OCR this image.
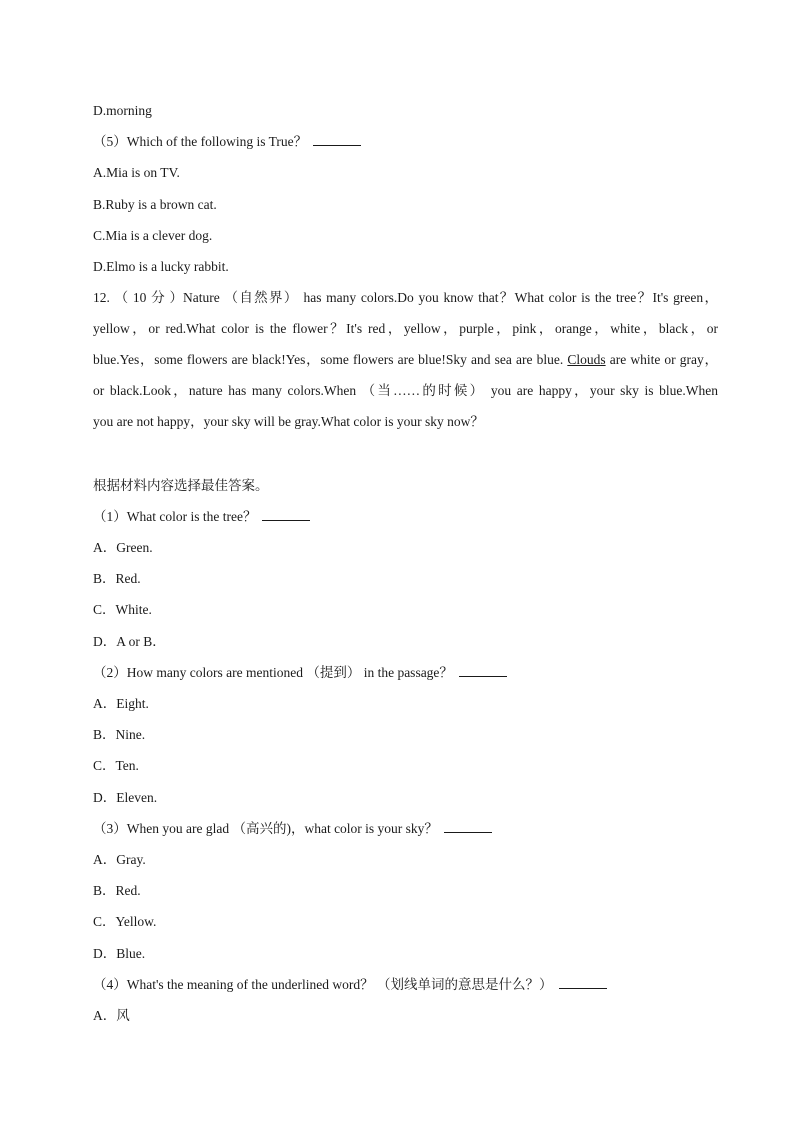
D.morning
（5）Which of the following is True？
A.Mia is on TV.
B.Ruby is a brown cat.
C.Mia is a clever dog.
D.Elmo is a lucky rabbit.
12.（10分）Nature （自然界） has many colors.Do you know that？What color is the tree？It's green，
yellow，or red.What color is the flower？It's red，yellow，purple，pink，orange，white，black，or
blue.Yes，some flowers are black!Yes，some flowers are blue!Sky and sea are blue. Clouds are white or gray，
or black.Look，nature has many colors.When （当……的时候） you are happy，your sky is blue.When
you are not happy，your sky will be gray.What color is your sky now？
根据材料内容选择最佳答案。
（1）What color is the tree？
A．Green.
B．Red.
C．White.
D．A or B．
（2）How many colors are mentioned （提到） in the passage？
A．Eight.
B．Nine.
C．Ten.
D．Eleven.
（3）When you are glad （高兴的)，what color is your sky？
A．Gray.
B．Red.
C．Yellow.
D．Blue.
（4）What's the meaning of the underlined word？ （划线单词的意思是什么？）
A．风
